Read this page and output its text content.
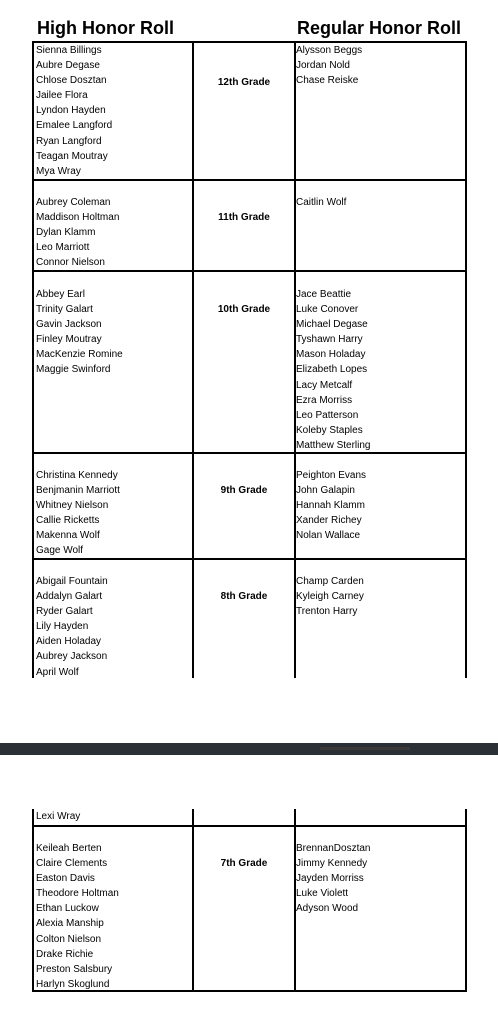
High Honor Roll	Regular Honor Roll
Sienna Billings
Aubre Degase
Chlose Dosztan
Jailee Flora
Lyndon Hayden
Emalee Langford
Ryan Langford
Teagan Moutray
Mya Wray
12th Grade
Alysson Beggs
Jordan Nold
Chase Reiske
Aubrey Coleman
Maddison Holtman
Dylan Klamm
Leo Marriott
Connor Nielson
11th Grade
Caitlin Wolf
Abbey Earl
Trinity Galart
Gavin Jackson
Finley Moutray
MacKenzie Romine
Maggie Swinford
10th Grade
Jace Beattie
Luke Conover
Michael Degase
Tyshawn Harry
Mason Holaday
Elizabeth Lopes
Lacy Metcalf
Ezra Morriss
Leo Patterson
Koleby Staples
Matthew Sterling
Christina Kennedy
Benjmanin Marriott
Whitney Nielson
Callie Ricketts
Makenna Wolf
Gage Wolf
9th Grade
Peighton Evans
John Galapin
Hannah Klamm
Xander Richey
Nolan Wallace
Abigail Fountain
Addalyn Galart
Ryder Galart
Lily Hayden
Aiden Holaday
Aubrey Jackson
April Wolf
8th Grade
Champ Carden
Kyleigh Carney
Trenton Harry
Lexi Wray
Keileah Berten
Claire Clements
Easton Davis
Theodore Holtman
Ethan Luckow
Alexia Manship
Colton Nielson
Drake Richie
Preston Salsbury
Harlyn Skoglund
7th Grade
BrennanDosztan
Jimmy Kennedy
Jayden Morriss
Luke Violett
Adyson Wood
